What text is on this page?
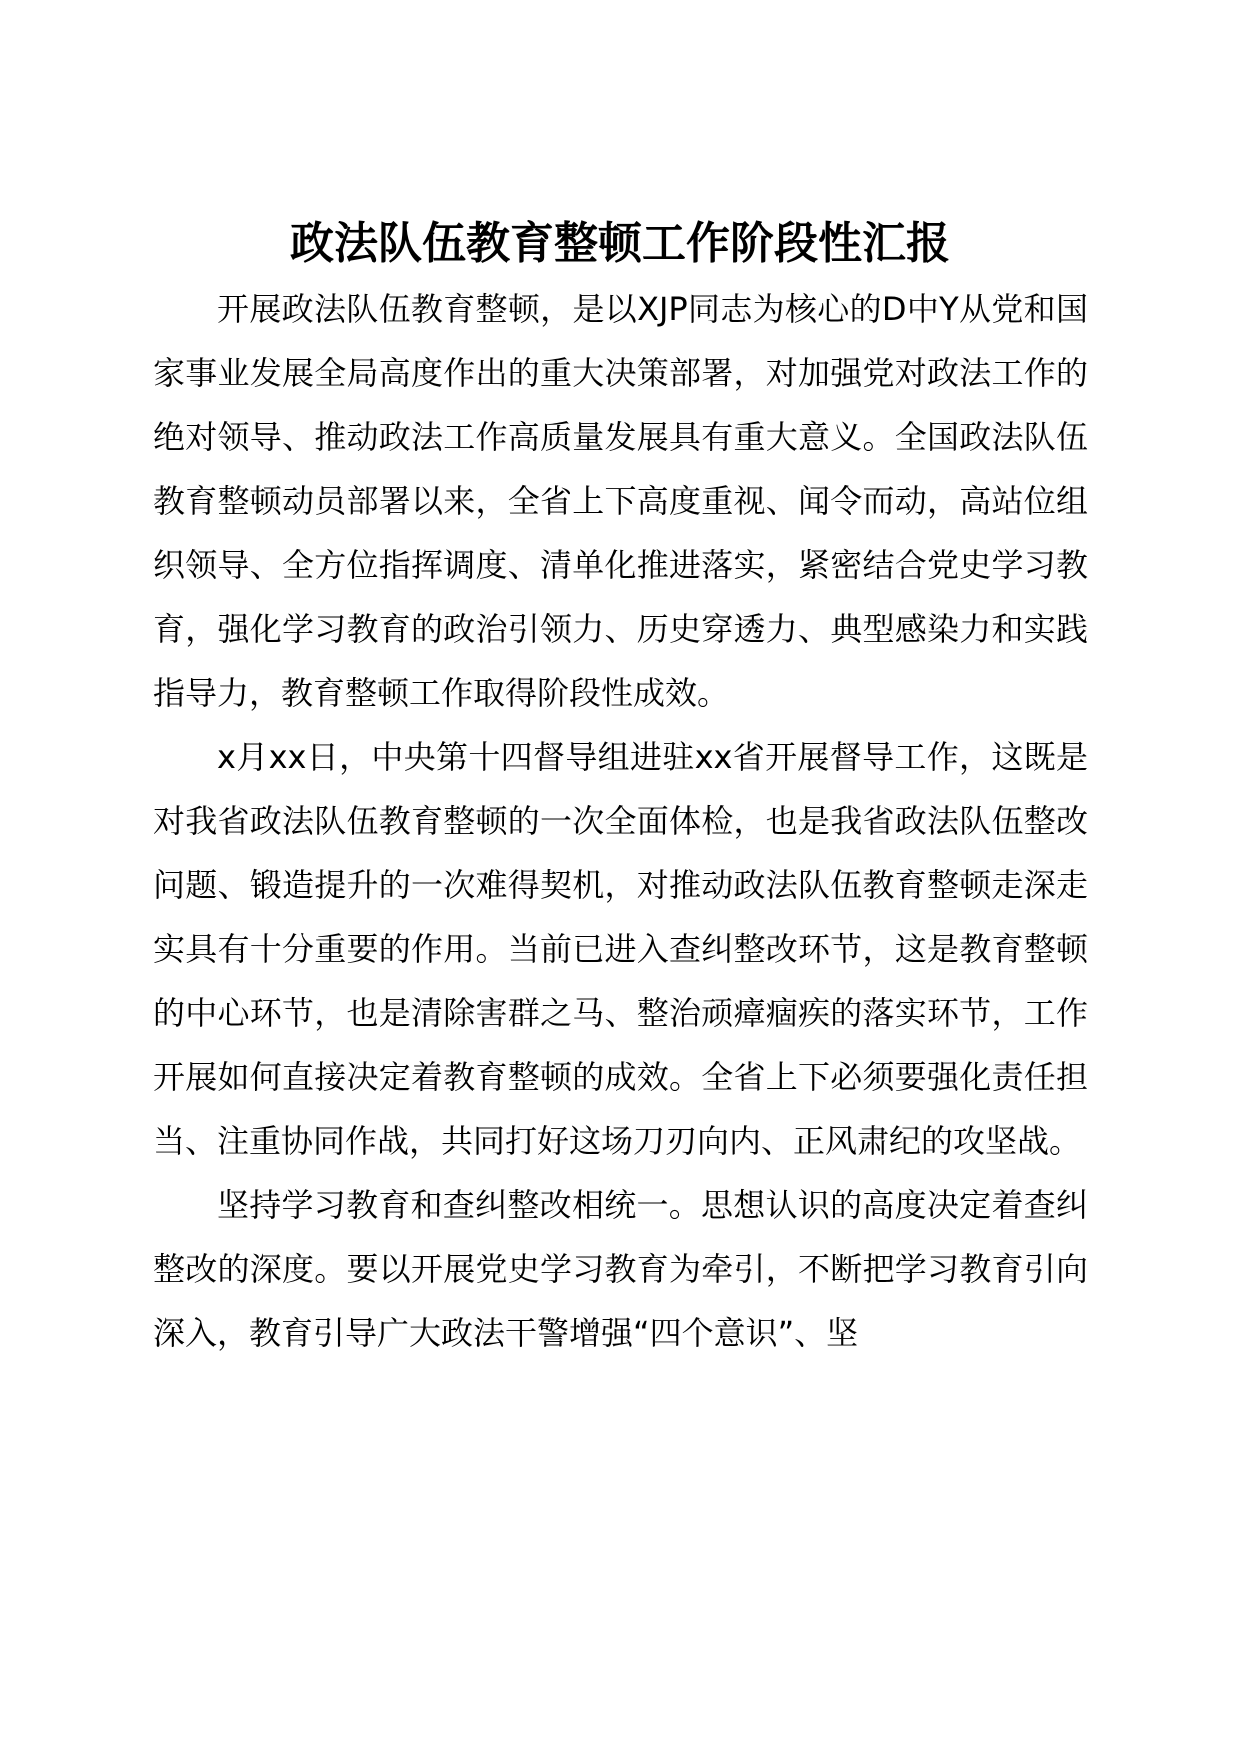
政法队伍教育整顿工作阶段性汇报

开展政法队伍教育整顿，是以XJP同志为核心的D中Y从党和国家事业发展全局高度作出的重大决策部署，对加强党对政法工作的绝对领导、推动政法工作高质量发展具有重大意义。全国政法队伍教育整顿动员部署以来，全省上下高度重视、闻令而动，高站位组织领导、全方位指挥调度、清单化推进落实，紧密结合党史学习教育，强化学习教育的政治引领力、历史穿透力、典型感染力和实践指导力，教育整顿工作取得阶段性成效。

x月xx日，中央第十四督导组进驻xx省开展督导工作，这既是对我省政法队伍教育整顿的一次全面体检，也是我省政法队伍整改问题、锻造提升的一次难得契机，对推动政法队伍教育整顿走深走实具有十分重要的作用。当前已进入查纠整改环节，这是教育整顿的中心环节，也是清除害群之马、整治顽瘴痼疾的落实环节，工作开展如何直接决定着教育整顿的成效。全省上下必须要强化责任担当、注重协同作战，共同打好这场刀刃向内、正风肃纪的攻坚战。

坚持学习教育和查纠整改相统一。思想认识的高度决定着查纠整改的深度。要以开展党史学习教育为牵引，不断把学习教育引向深入，教育引导广大政法干警增强“四个意识”、坚
